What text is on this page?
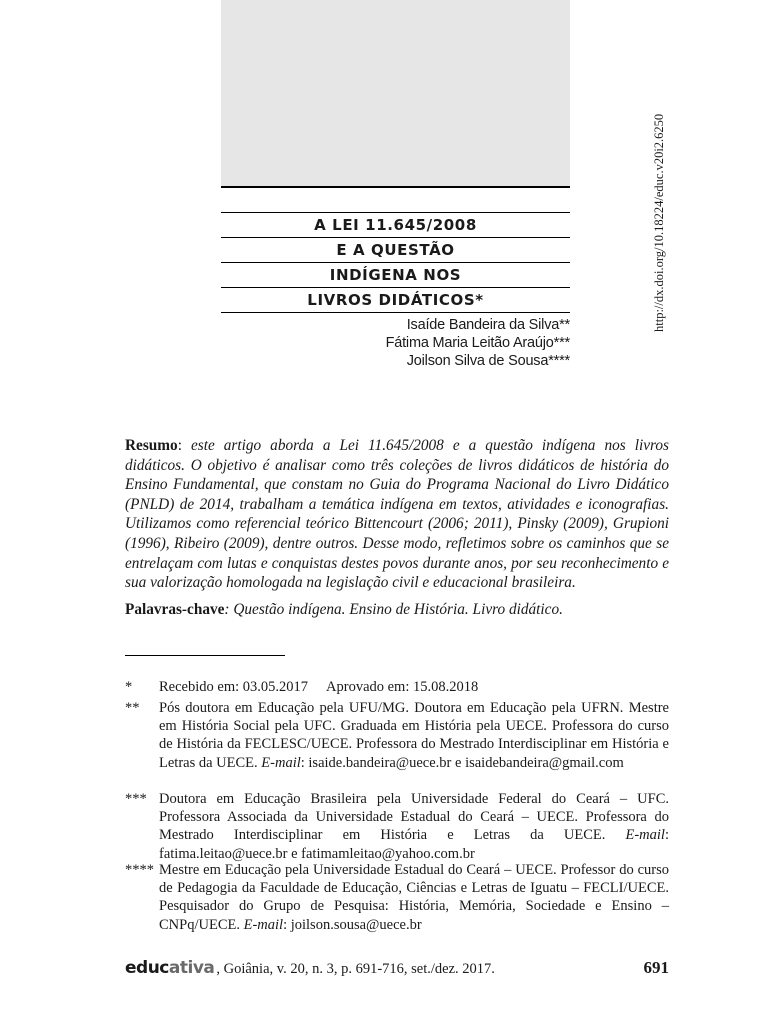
http://dx.doi.org/10.18224/educ.v20i2.6250
A LEI 11.645/2008
E A QUESTÃO
INDÍGENA NOS
LIVROS DIDÁTICOS*
Isaíde Bandeira da Silva**
Fátima Maria Leitão Araújo***
Joilson Silva de Sousa****
Resumo: este artigo aborda a Lei 11.645/2008 e a questão indígena nos livros didáticos. O objetivo é analisar como três coleções de livros didáticos de história do Ensino Fundamental, que constam no Guia do Programa Nacional do Livro Didático (PNLD) de 2014, trabalham a temática indígena em textos, atividades e iconografias. Utilizamos como referencial teórico Bittencourt (2006; 2011), Pinsky (2009), Grupioni (1996), Ribeiro (2009), dentre outros. Desse modo, refletimos sobre os caminhos que se entrelaçam com lutas e conquistas destes povos durante anos, por seu reconhecimento e sua valorização homologada na legislação civil e educacional brasileira.
Palavras-chave: Questão indígena. Ensino de História. Livro didático.
*	Recebido em: 03.05.2017 Aprovado em: 15.08.2018
**	Pós doutora em Educação pela UFU/MG. Doutora em Educação pela UFRN. Mestre em História Social pela UFC. Graduada em História pela UECE. Professora do curso de História da FECLESC/UECE. Professora do Mestrado Interdisciplinar em História e Letras da UECE. E-mail: isaide.bandeira@uece.br e isaidebandeira@gmail.com
*** Doutora em Educação Brasileira pela Universidade Federal do Ceará – UFC. Professora Associada da Universidade Estadual do Ceará – UECE. Professora do Mestrado Interdisciplinar em História e Letras da UECE. E-mail: fatima.leitao@uece.br e fatimamleitao@yahoo.com.br
**** Mestre em Educação pela Universidade Estadual do Ceará – UECE. Professor do curso de Pedagogia da Faculdade de Educação, Ciências e Letras de Iguatu – FECLI/UECE. Pesquisador do Grupo de Pesquisa: História, Memória, Sociedade e Ensino – CNPq/UECE. E-mail: joilson.sousa@uece.br
educativa , Goiânia, v. 20, n. 3, p. 691-716, set./dez. 2017.	691
